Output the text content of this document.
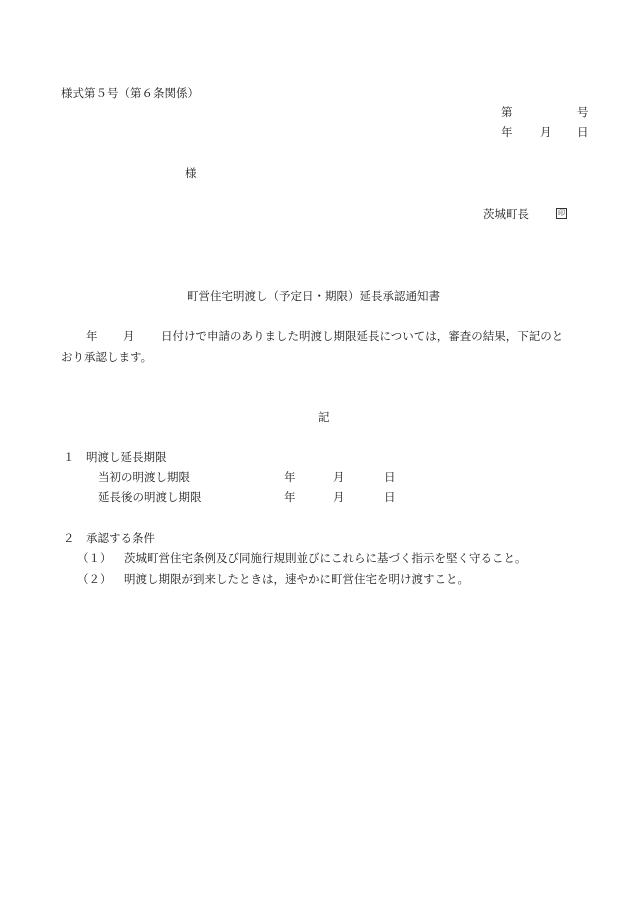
様式第５号（第６条関係）
第	号
年 月 日
様
茨城町長	印
町営住宅明渡し（予定日・期限）延長承認通知書
年 月 日付けで申請のありました明渡し期限延長については，審査の結果，下記のと
おり承認します。
記
１　明渡し延長期限
当初の明渡し期限	年	月	日
延長後の明渡し期限	年	月	日
２　承認する条件
（１） 茨城町営住宅条例及び同施行規則並びにこれらに基づく指示を堅く守ること。
（２） 明渡し期限が到来したときは，速やかに町営住宅を明け渡すこと。
